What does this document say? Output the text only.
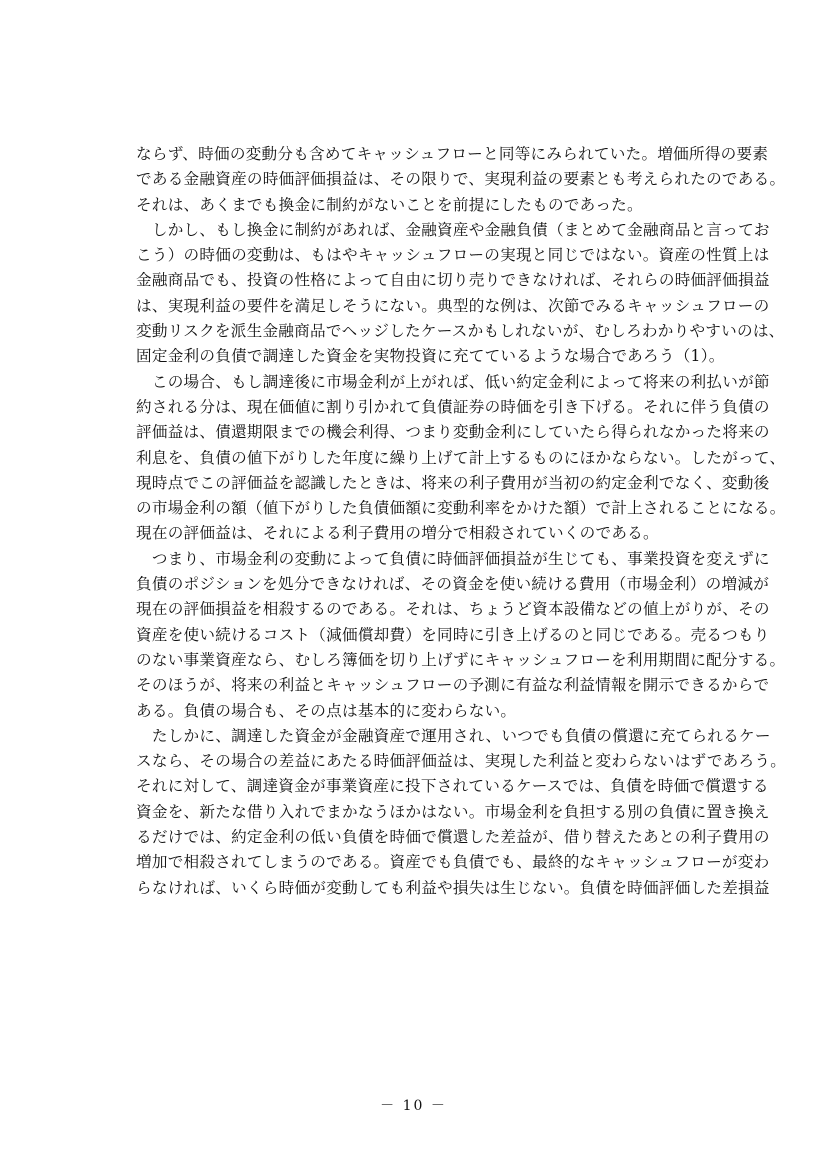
ならず、時価の変動分も含めてキャッシュフローと同等にみられていた。増価所得の要素
である金融資産の時価評価損益は、その限りで、実現利益の要素とも考えられたのである。
それは、あくまでも換金に制約がないことを前提にしたものであった。
　しかし、もし換金に制約があれば、金融資産や金融負債（まとめて金融商品と言ってお
こう）の時価の変動は、もはやキャッシュフローの実現と同じではない。資産の性質上は
金融商品でも、投資の性格によって自由に切り売りできなければ、それらの時価評価損益
は、実現利益の要件を満足しそうにない。典型的な例は、次節でみるキャッシュフローの
変動リスクを派生金融商品でヘッジしたケースかもしれないが、むしろわかりやすいのは、
固定金利の負債で調達した資金を実物投資に充てているような場合であろう（1）。
　この場合、もし調達後に市場金利が上がれば、低い約定金利によって将来の利払いが節
約される分は、現在価値に割り引かれて負債証券の時価を引き下げる。それに伴う負債の
評価益は、債還期限までの機会利得、つまり変動金利にしていたら得られなかった将来の
利息を、負債の値下がりした年度に繰り上げて計上するものにほかならない。したがって、
現時点でこの評価益を認識したときは、将来の利子費用が当初の約定金利でなく、変動後
の市場金利の額（値下がりした負債価額に変動利率をかけた額）で計上されることになる。
現在の評価益は、それによる利子費用の増分で相殺されていくのである。
　つまり、市場金利の変動によって負債に時価評価損益が生じても、事業投資を変えずに
負債のポジションを処分できなければ、その資金を使い続ける費用（市場金利）の増減が
現在の評価損益を相殺するのである。それは、ちょうど資本設備などの値上がりが、その
資産を使い続けるコスト（減価償却費）を同時に引き上げるのと同じである。売るつもり
のない事業資産なら、むしろ簿価を切り上げずにキャッシュフローを利用期間に配分する。
そのほうが、将来の利益とキャッシュフローの予測に有益な利益情報を開示できるからで
ある。負債の場合も、その点は基本的に変わらない。
　たしかに、調達した資金が金融資産で運用され、いつでも負債の償還に充てられるケー
スなら、その場合の差益にあたる時価評価益は、実現した利益と変わらないはずであろう。
それに対して、調達資金が事業資産に投下されているケースでは、負債を時価で償還する
資金を、新たな借り入れでまかなうほかはない。市場金利を負担する別の負債に置き換え
るだけでは、約定金利の低い負債を時価で償還した差益が、借り替えたあとの利子費用の
増加で相殺されてしまうのである。資産でも負債でも、最終的なキャッシュフローが変わ
らなければ、いくら時価が変動しても利益や損失は生じない。負債を時価評価した差損益
－ 10 －
